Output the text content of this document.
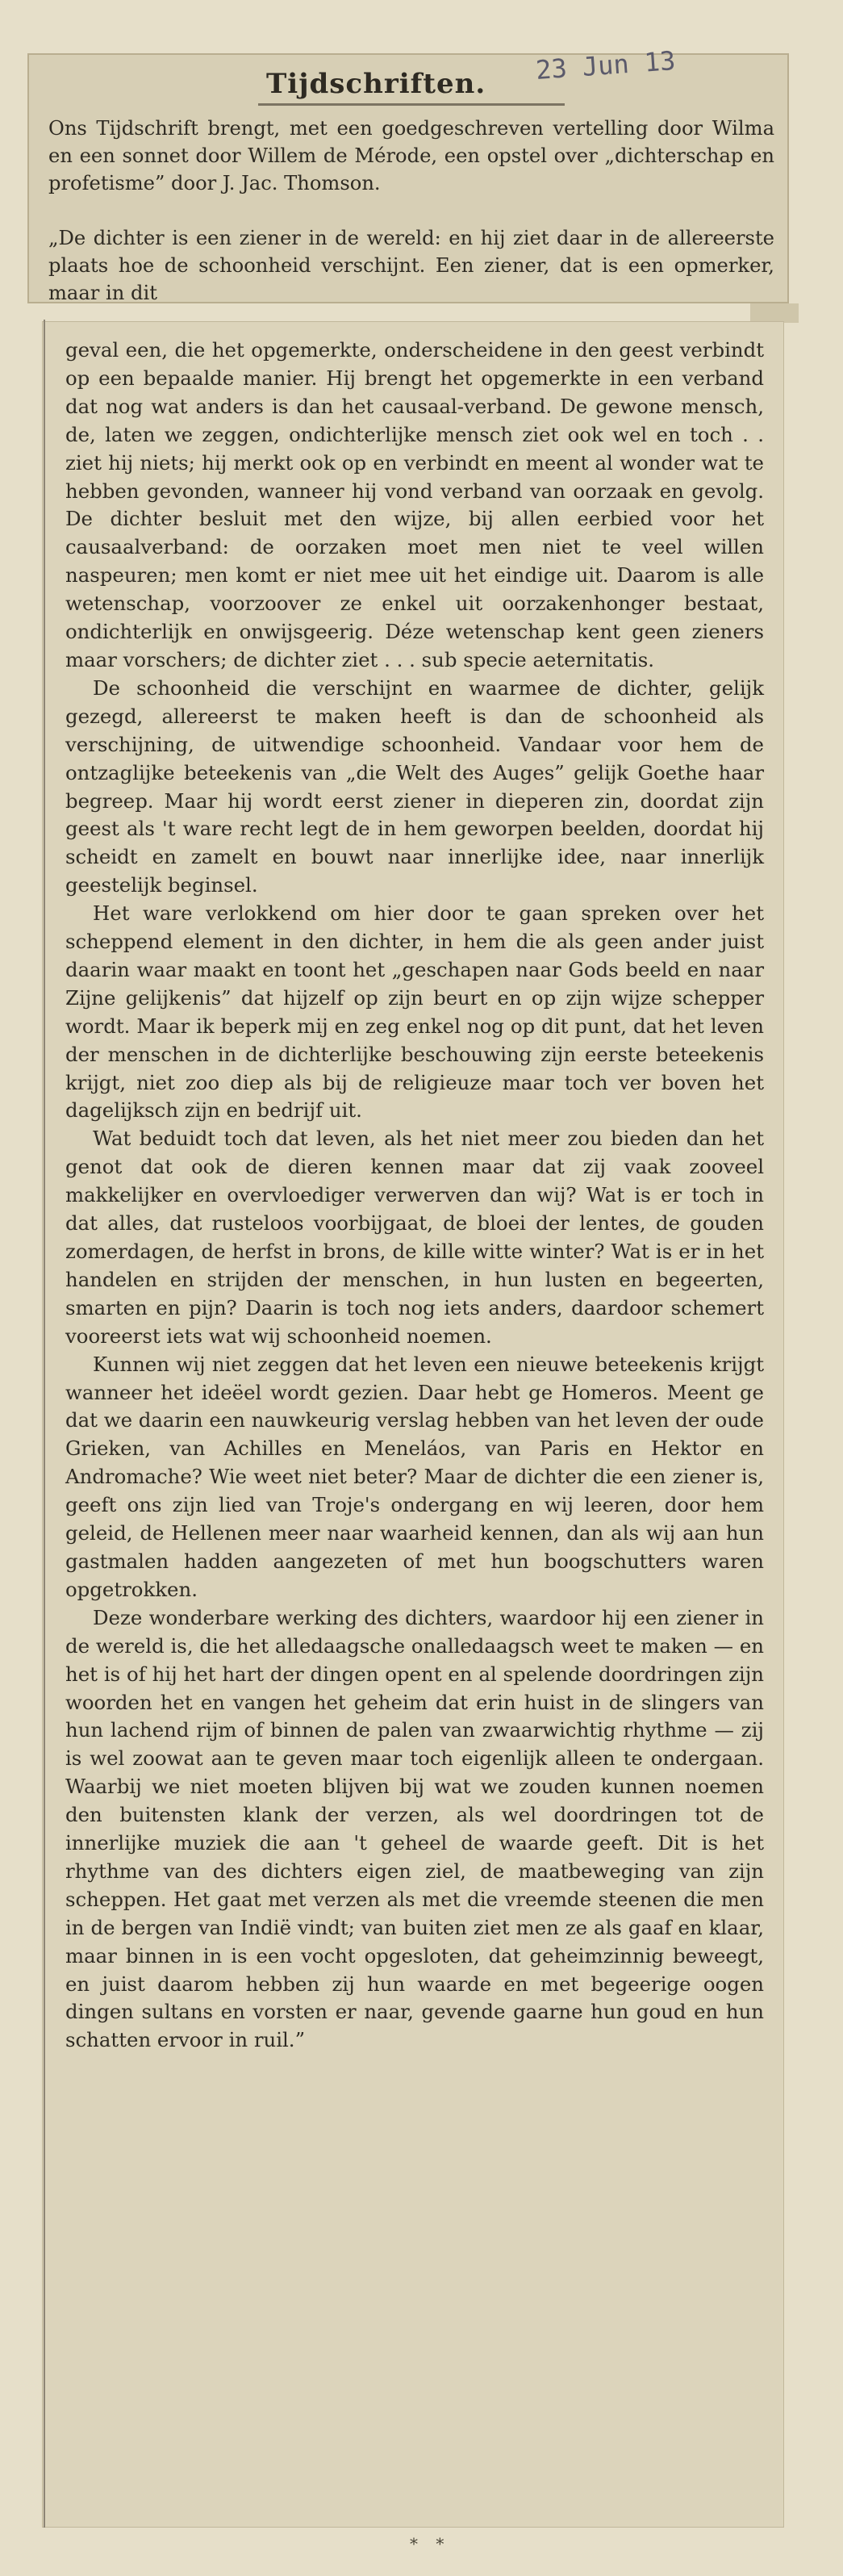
Ons Tijdschrift brengt, met een goedgeschreven vertelling door Wilma en een sonnet door Willem de Mérode, een opstel over „dichterschap en profetisme” door J. Jac. Thomson.

„De dichter is een ziener in de wereld: en hij ziet daar in de allereerste plaats hoe de schoonheid verschijnt. Een ziener, dat is een opmerker, maar in dit

Tijdschriften.	23 Jun 13

geval een, die het opgemerkte, onderscheidene in den geest verbindt op een bepaalde manier. Hij brengt het opgemerkte in een verband dat nog wat anders is dan het causaal-verband. De gewone mensch, de, laten we zeggen, ondichterlijke mensch ziet ook wel en toch . . ziet hij niets; hij merkt ook op en verbindt en meent al wonder wat te hebben gevonden, wanneer hij vond verband van oorzaak en gevolg. De dichter besluit met den wijze, bij allen eerbied voor het causaalverband: de oorzaken moet men niet te veel willen naspeuren; men komt er niet mee uit het eindige uit. Daarom is alle wetenschap, voorzoover ze enkel uit oorzakenhonger bestaat, ondichterlijk en onwijsgeerig. Déze wetenschap kent geen zieners maar vorschers; de dichter ziet . . . sub specie aeternitatis.

De schoonheid die verschijnt en waarmee de dichter, gelijk gezegd, allereerst te maken heeft is dan de schoonheid als verschijning, de uitwendige schoonheid. Vandaar voor hem de ontzaglijke beteekenis van „die Welt des Auges” gelijk Goethe haar begreep. Maar hij wordt eerst ziener in dieperen zin, doordat zijn geest als 't ware recht legt de in hem geworpen beelden, doordat hij scheidt en zamelt en bouwt naar innerlijke idee, naar innerlijk geestelijk beginsel.

Het ware verlokkend om hier door te gaan spreken over het scheppend element in den dichter, in hem die als geen ander juist daarin waar maakt en toont het „geschapen naar Gods beeld en naar Zijne gelijkenis” dat hijzelf op zijn beurt en op zijn wijze schepper wordt. Maar ik beperk mij en zeg enkel nog op dit punt, dat het leven der menschen in de dichterlijke beschouwing zijn eerste beteekenis krijgt, niet zoo diep als bij de religieuze maar toch ver boven het dagelijksch zijn en bedrijf uit.

Wat beduidt toch dat leven, als het niet meer zou bieden dan het genot dat ook de dieren kennen maar dat zij vaak zooveel makkelijker en overvloediger verwerven dan wij? Wat is er toch in dat alles, dat rusteloos voorbijgaat, de bloei der lentes, de gouden zomerdagen, de herfst in brons, de kille witte winter? Wat is er in het handelen en strijden der menschen, in hun lusten en begeerten, smarten en pijn? Daarin is toch nog iets anders, daardoor schemert vooreerst iets wat wij schoonheid noemen.

Kunnen wij niet zeggen dat het leven een nieuwe beteekenis krijgt wanneer het ideëel wordt gezien. Daar hebt ge Homeros. Meent ge dat we daarin een nauwkeurig verslag hebben van het leven der oude Grieken, van Achilles en Meneláos, van Paris en Hektor en Andromache? Wie weet niet beter? Maar de dichter die een ziener is, geeft ons zijn lied van Troje's ondergang en wij leeren, door hem geleid, de Hellenen meer naar waarheid kennen, dan als wij aan hun gastmalen hadden aangezeten of met hun boogschutters waren opgetrokken.

Deze wonderbare werking des dichters, waardoor hij een ziener in de wereld is, die het alledaagsche onalledaagsch weet te maken — en het is of hij het hart der dingen opent en al spelende doordringen zijn woorden het en vangen het geheim dat erin huist in de slingers van hun lachend rijm of binnen de palen van zwaarwichtig rhythme — zij is wel zoowat aan te geven maar toch eigenlijk alleen te ondergaan. Waarbij we niet moeten blijven bij wat we zouden kunnen noemen den buitensten klank der verzen, als wel doordringen tot de innerlijke muziek die aan 't geheel de waarde geeft. Dit is het rhythme van des dichters eigen ziel, de maatbeweging van zijn scheppen. Het gaat met verzen als met die vreemde steenen die men in de bergen van Indië vindt; van buiten ziet men ze als gaaf en klaar, maar binnen in is een vocht opgesloten, dat geheimzinnig beweegt, en juist daarom hebben zij hun waarde en met begeerige oogen dingen sultans en vorsten er naar, gevende gaarne hun goud en hun schatten ervoor in ruil.”

* *
